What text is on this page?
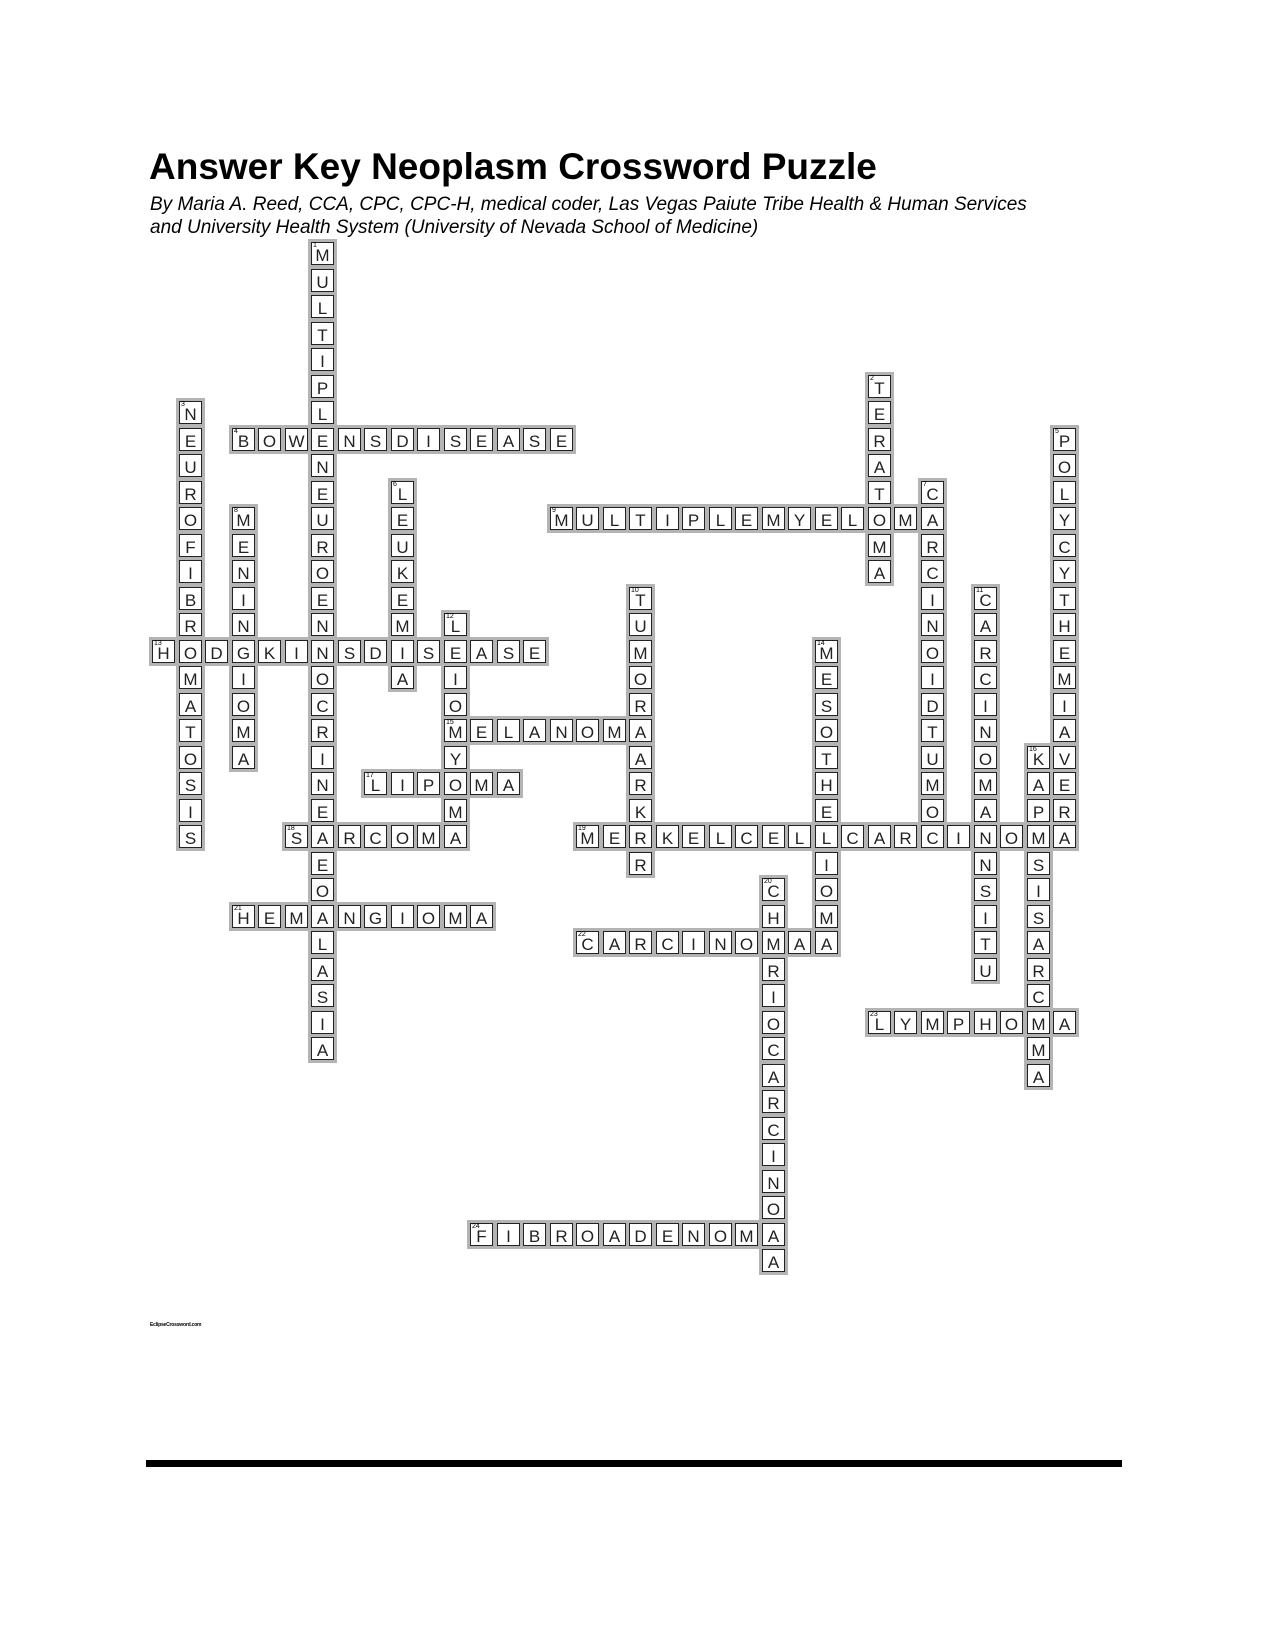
Answer Key Neoplasm Crossword Puzzle
By Maria A. Reed, CCA, CPC, CPC-H, medical coder, Las Vegas Paiute Tribe Health & Human Services
and University Health System (University of Nevada School of Medicine)
1
M
U
L
T
I
P
L
E
N
E
U
R
O
E
N
N
O
C
R
I
N
E
A
E
O
A
L
A
S
I
A
2
T
E
R
A
T
O
M
A
3
N
E
U
R
O
F
I
B
R
O
M
A
T
O
S
I
S
4
B O W	N S D	I	S E A S E
5
P
O
L
Y
C
Y
T
H
E
M
I
A
V
E
R
A
6
L
E
U
K
E
M
I
A
7
C
A
R
C
I
N
O
I
D
T
U
M
O
C
8
M
E
N
I
N
G
I
O
M
A
9
M U L T	I	P L E M Y E L	M
10
T
U
M
O
R
A
A
R
K
R
R
11
C
A
R
C
I
N
O
M
A
N
N
S
I
T
U
12
L
E
I
O
15
M
Y
O
M
A
13
H	D	K	I	S D	S	A S E
14
M
E
S
O
T
H
E
L
I
O
M
A
E L A N O M
16
K
A
P
M
S
I
S
A
R
C
M
M
A
17
L	I	P	M A
18
S	R C O M
19
M E	K E L C E L	C A R	I	O
20
C
H
M
R
I
O
C
A
R
C
I
N
O
A
A
21
H E M	N G	I	O M A
22
C A R C	I	N O	A
23
L Y M P H O	A
24
F	I	B R O A D E N O M
EclipseCrossword.com
